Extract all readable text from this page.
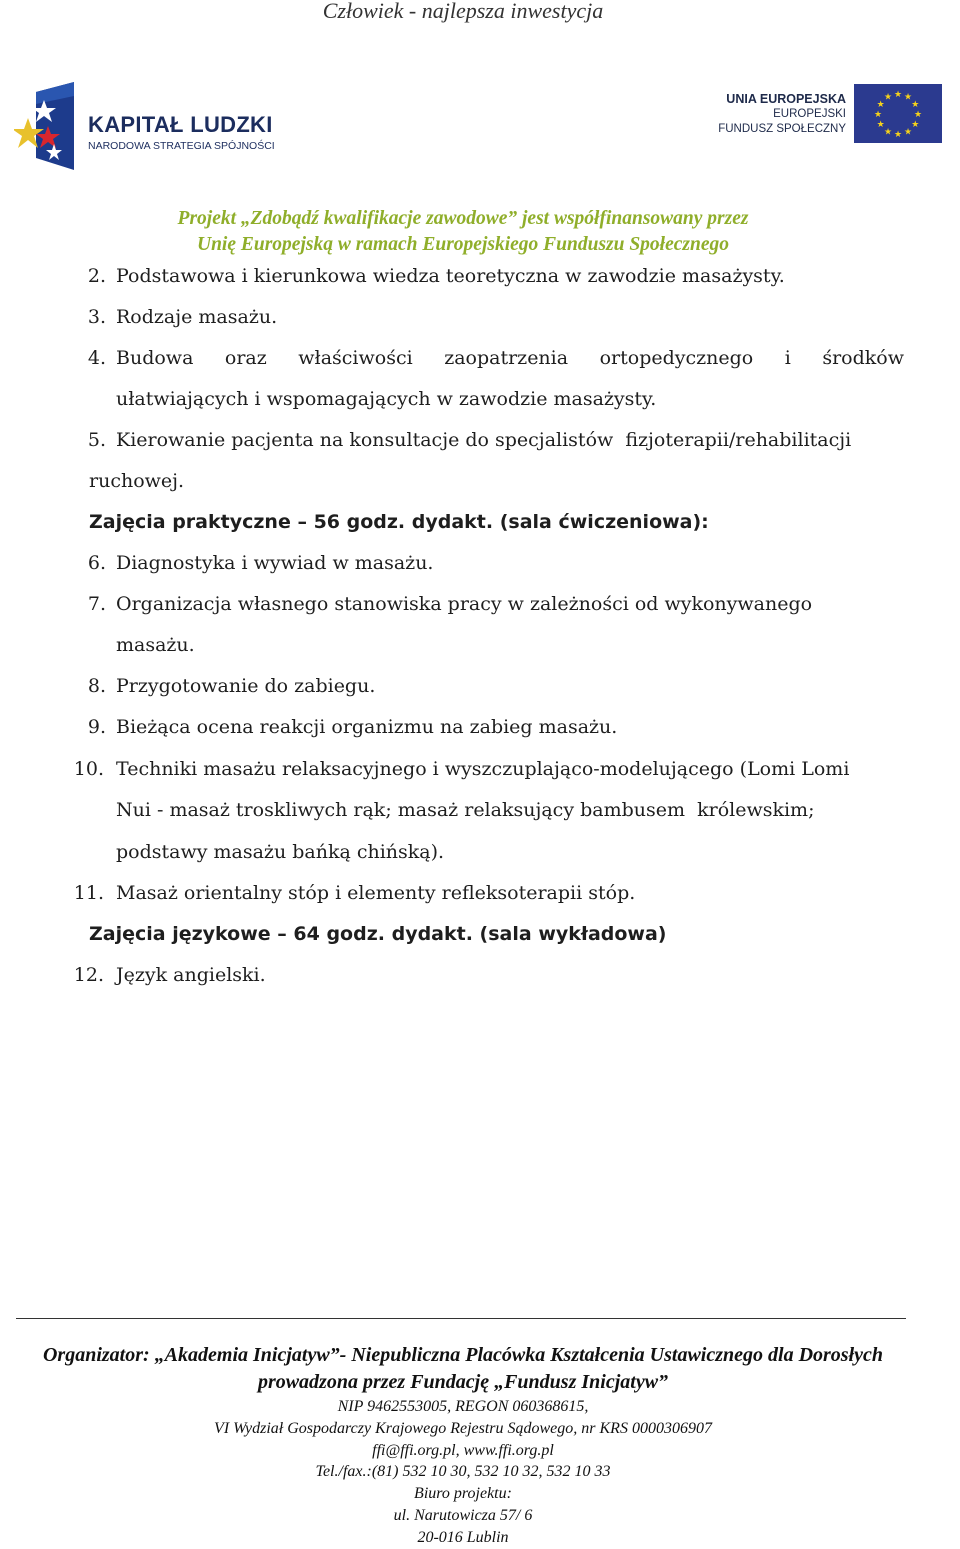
Człowiek - najlepsza inwestycja
KAPITAŁ LUDZKI
NARODOWA STRATEGIA SPÓJNOŚCI
UNIA EUROPEJSKA
EUROPEJSKI
FUNDUSZ SPOŁECZNY
★ ★
★
★
★
★
★
★
★
★
★
★
Projekt „Zdobądź kwalifikacje zawodowe” jest współfinansowany przez
Unię Europejską w ramach Europejskiego Funduszu Społecznego
2. Podstawowa i kierunkowa wiedza teoretyczna w zawodzie masażysty.
3. Rodzaje masażu.
4. Budowa oraz właściwości zaopatrzenia ortopedycznego i środków
ułatwiających i wspomagających w zawodzie masażysty.
5. Kierowanie pacjenta na konsultacje do specjalistów  fizjoterapii/rehabilitacji
ruchowej.
Zajęcia praktyczne – 56 godz. dydakt. (sala ćwiczeniowa):
6. Diagnostyka i wywiad w masażu.
7. Organizacja własnego stanowiska pracy w zależności od wykonywanego
masażu.
8. Przygotowanie do zabiegu.
9. Bieżąca ocena reakcji organizmu na zabieg masażu.
10. Techniki masażu relaksacyjnego i wyszczuplająco-modelującego (Lomi Lomi
Nui - masaż troskliwych rąk; masaż relaksujący bambusem  królewskim;
podstawy masażu bańką chińską).
11. Masaż orientalny stóp i elementy refleksoterapii stóp.
Zajęcia językowe – 64 godz. dydakt. (sala wykładowa)
12. Język angielski.
Organizator: „Akademia Inicjatyw”- Niepubliczna Placówka Kształcenia Ustawicznego dla Dorosłych
prowadzona przez Fundację „Fundusz Inicjatyw”
NIP 9462553005, REGON 060368615,
VI Wydział Gospodarczy Krajowego Rejestru Sądowego, nr KRS 0000306907
ffi@ffi.org.pl, www.ffi.org.pl
Tel./fax.:(81) 532 10 30, 532 10 32, 532 10 33
Biuro projektu:
ul. Narutowicza 57/ 6
20-016 Lublin
